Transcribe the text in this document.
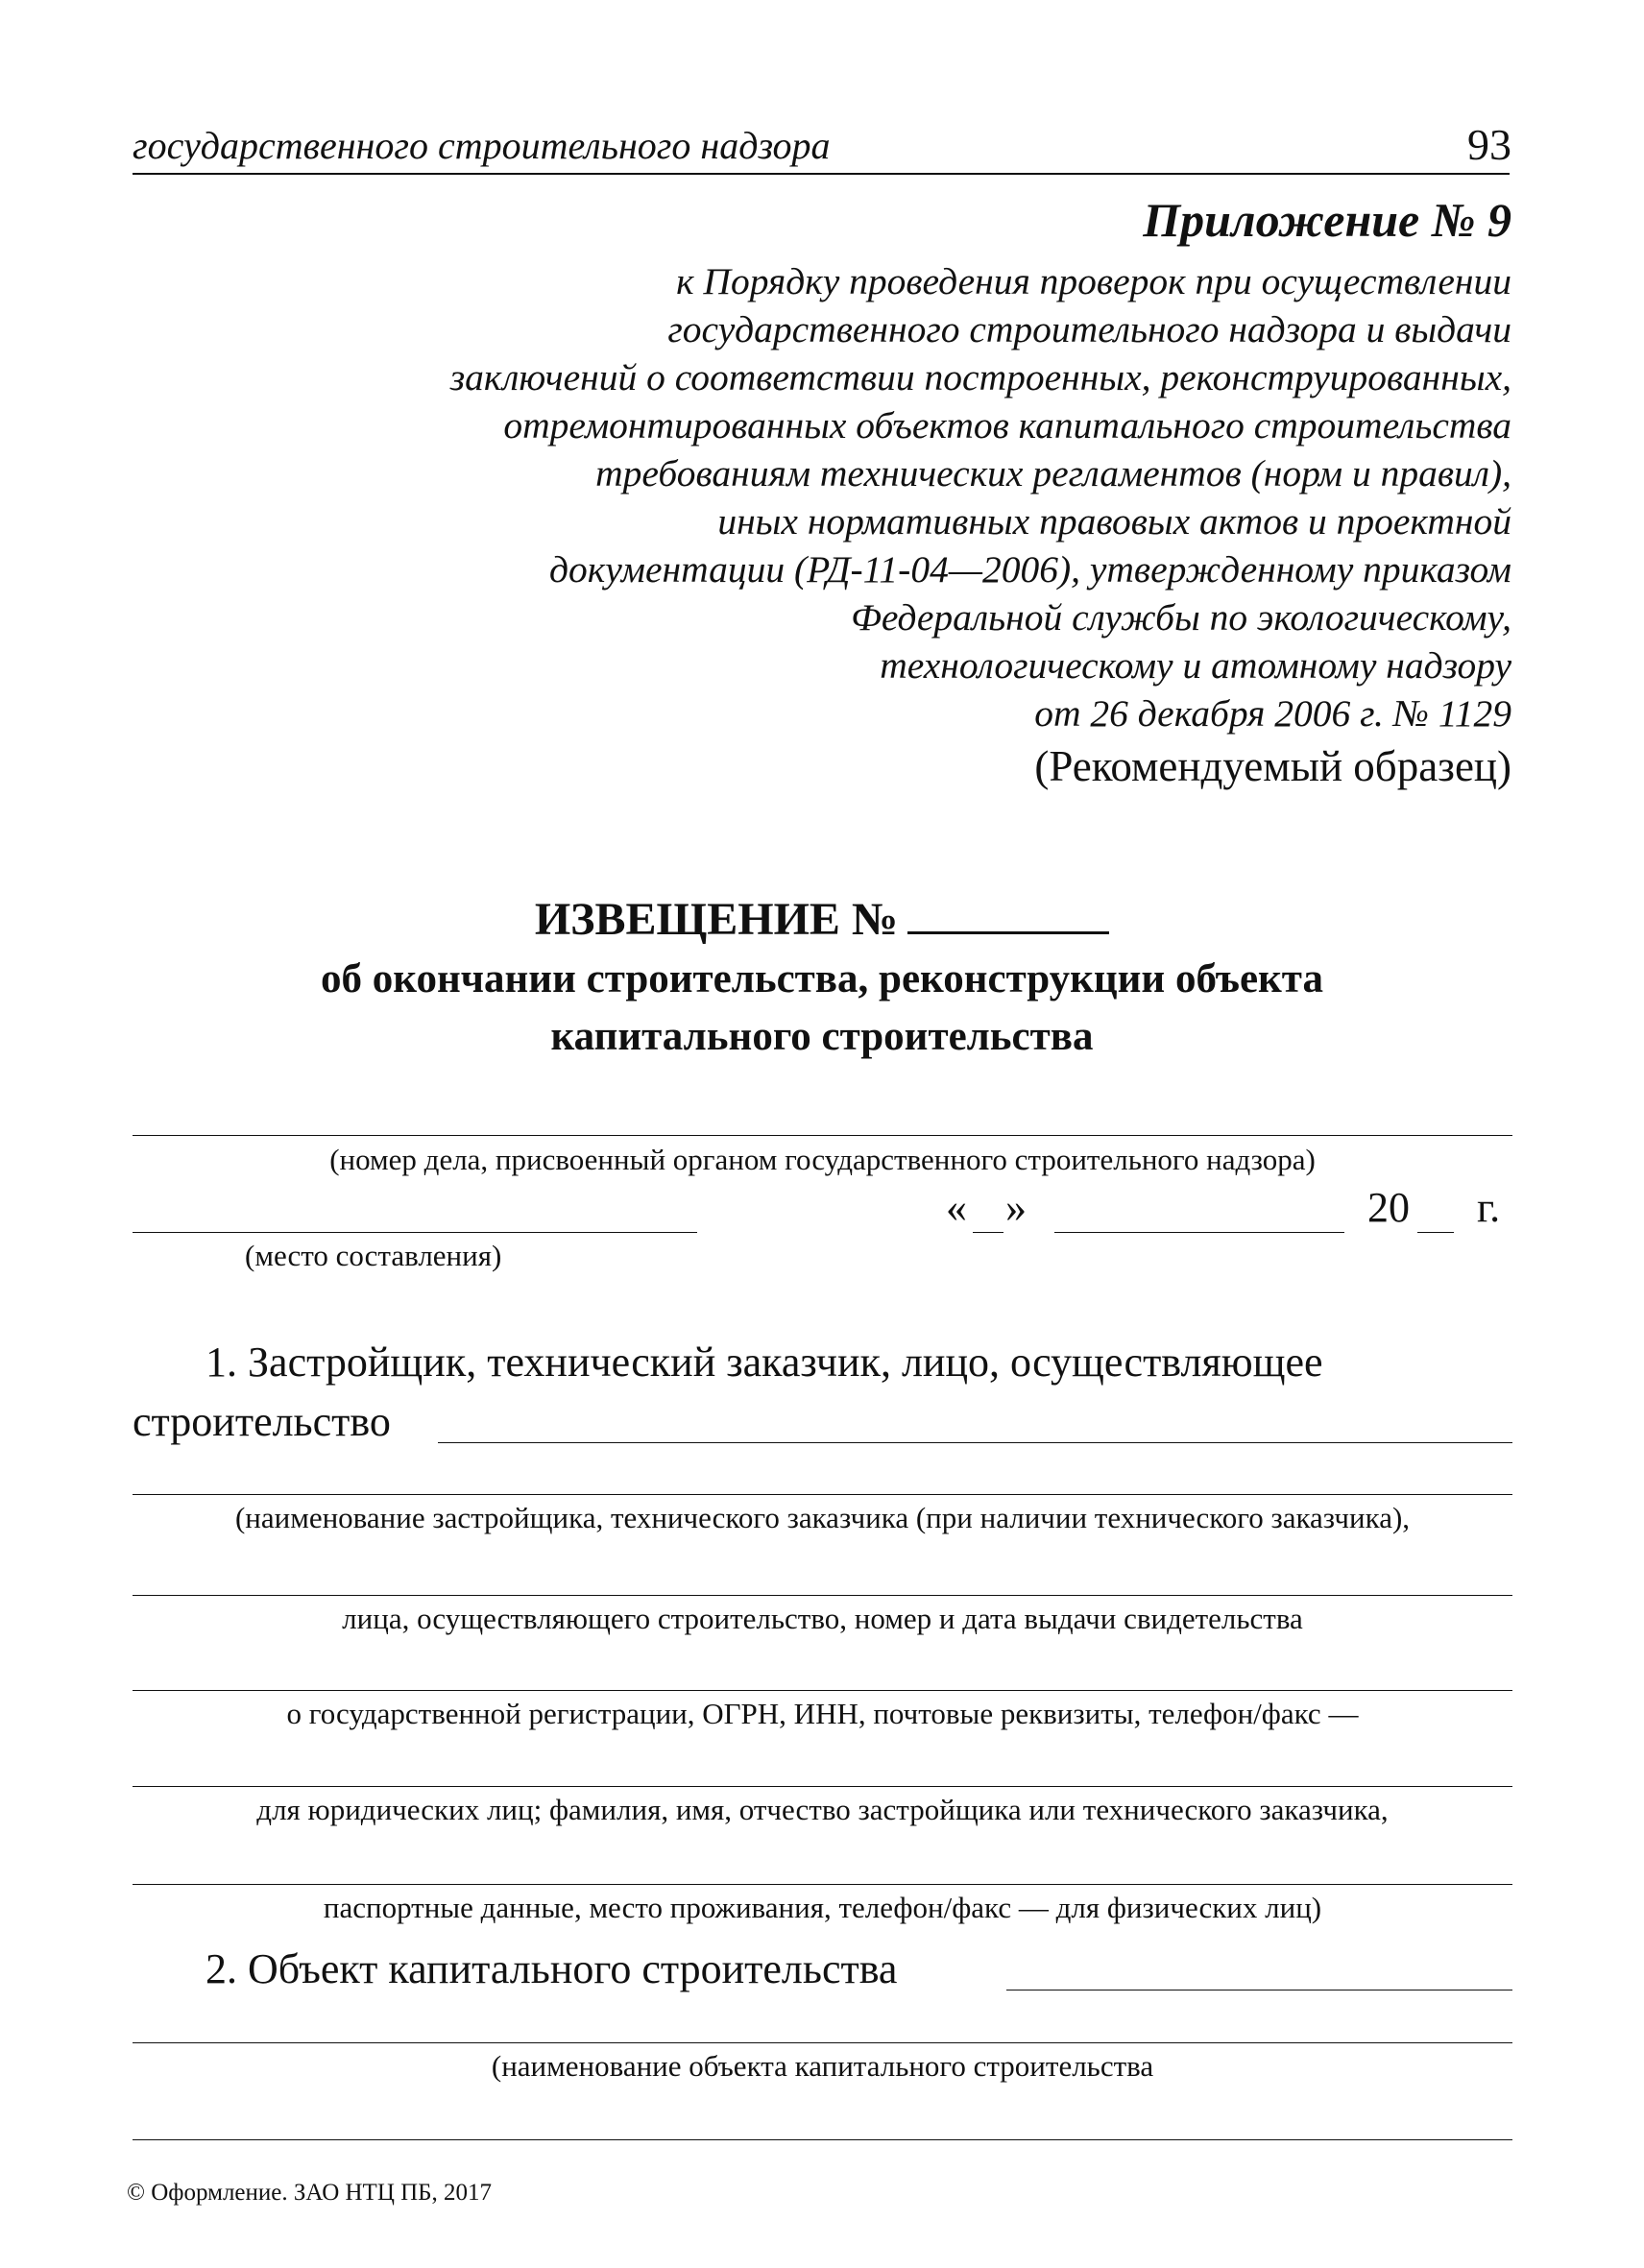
государственного строительного надзора	93
Приложение № 9
к Порядку проведения проверок при осуществлении
государственного строительного надзора и выдачи
заключений о соответствии построенных, реконструированных,
отремонтированных объектов капитального строительства
требованиям технических регламентов (норм и правил),
иных нормативных правовых актов и проектной
документации (РД-11-04—2006), утвержденному приказом
Федеральной службы по экологическому,
технологическому и атомному надзору
от 26 декабря 2006 г. № 1129
(Рекомендуемый образец)
ИЗВЕЩЕНИЕ №
об окончании строительства, реконструкции объекта
капитального строительства
(номер дела, присвоенный органом государственного строительного надзора)
« »	20 г.
(место составления)
1. Застройщик, технический заказчик, лицо, осуществляющее
строительство
(наименование застройщика, технического заказчика (при наличии технического заказчика),
лица, осуществляющего строительство, номер и дата выдачи свидетельства
о государственной регистрации, ОГРН, ИНН, почтовые реквизиты, телефон/факс —
для юридических лиц; фамилия, имя, отчество застройщика или технического заказчика,
паспортные данные, место проживания, телефон/факс — для физических лиц)
2. Объект капитального строительства
(наименование объекта капитального строительства
© Оформление. ЗАО НТЦ ПБ, 2017
